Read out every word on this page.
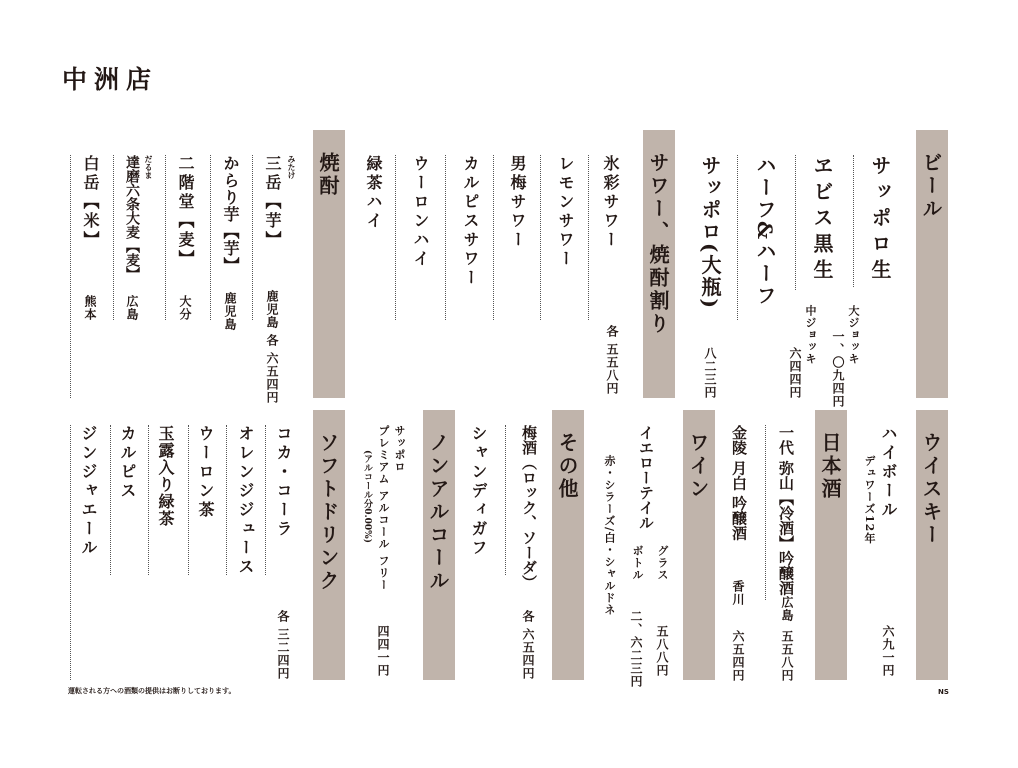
中洲店
ビール
サッポロ生
大ジョッキ
一、〇九四円
中ジョッキ
六四四円
ヱビス黒生
ハーフ&ハーフ
サッポロ(大瓶)
八二三円
サワー、焼酎割り
氷彩サワー
各 五五八円
レモンサワー
男梅サワー
カルピスサワー
ウーロンハイ
緑茶ハイ
焼酎
みたけ
三岳【芋】
鹿児島
各 六五四円
からり芋【芋】
鹿児島
二階堂【麦】
大分
だるま
達磨六条大麦【麦】
広島
白岳【米】
熊本
ウイスキー
ハイボール
デュワーズ12年
六九一円
日本酒
一代 弥山【冷酒】吟醸酒
広島
五五八円
金陵 月白 吟醸酒
香川
六五四円
ワイン
イエローテイル
グラス
五八八円
ボトル
二、六二三円
赤・シラーズ/白・シャルドネ
その他
梅酒（ロック、ソーダ）
各 六五四円
シャンディガフ
ノンアルコール
サッポロ
プレミアム アルコール フリー
(アルコール分0.00%)
四四一円
ソフトドリンク
コカ・コーラ
各 三二四円
オレンジジュース
ウーロン茶
玉露入り緑茶
カルピス
ジンジャエール
運転される方への酒類の提供はお断りしております。	NS
